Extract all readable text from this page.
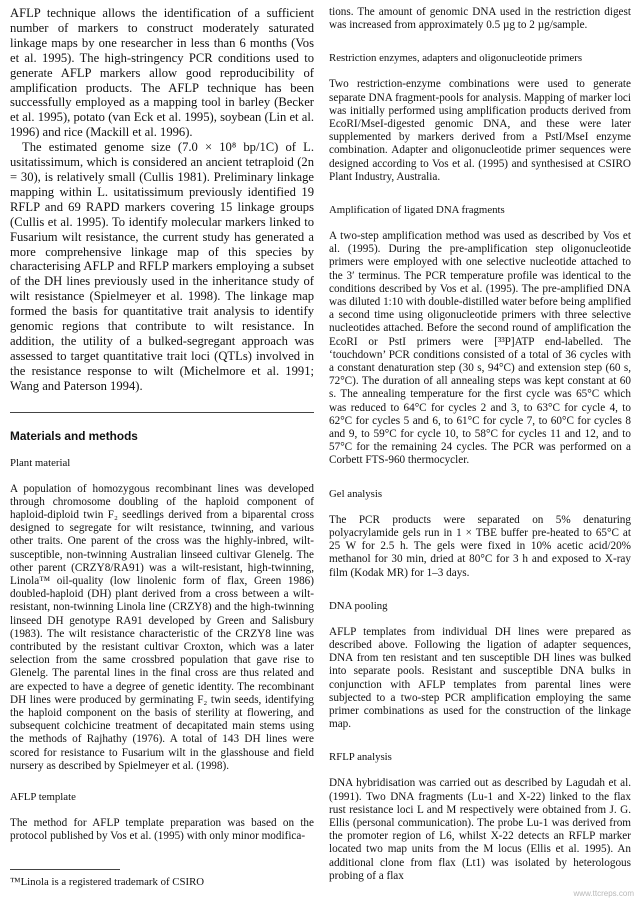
AFLP technique allows the identification of a sufficient number of markers to construct moderately saturated linkage maps by one researcher in less than 6 months (Vos et al. 1995). The high-stringency PCR conditions used to generate AFLP markers allow good reproducibility of amplification products. The AFLP technique has been successfully employed as a mapping tool in barley (Becker et al. 1995), potato (van Eck et al. 1995), soybean (Lin et al. 1996) and rice (Mackill et al. 1996).

The estimated genome size (7.0 × 10⁸ bp/1C) of L. usitatissimum, which is considered an ancient tetraploid (2n = 30), is relatively small (Cullis 1981). Preliminary linkage mapping within L. usitatissimum previously identified 19 RFLP and 69 RAPD markers covering 15 linkage groups (Cullis et al. 1995). To identify molecular markers linked to Fusarium wilt resistance, the current study has generated a more comprehensive linkage map of this species by characterising AFLP and RFLP markers employing a subset of the DH lines previously used in the inheritance study of wilt resistance (Spielmeyer et al. 1998). The linkage map formed the basis for quantitative trait analysis to identify genomic regions that contribute to wilt resistance. In addition, the utility of a bulked-segregant approach was assessed to target quantitative trait loci (QTLs) involved in the resistance response to wilt (Michelmore et al. 1991; Wang and Paterson 1994).

Materials and methods
Plant material

A population of homozygous recombinant lines was developed through chromosome doubling of the haploid component of haploid-diploid twin F₂ seedlings derived from a biparental cross designed to segregate for wilt resistance, twinning, and various other traits. One parent of the cross was the highly-inbred, wilt-susceptible, non-twinning Australian linseed cultivar Glenelg. The other parent (CRZY8/RA91) was a wilt-resistant, high-twinning, Linola™ oil-quality (low linolenic form of flax, Green 1986) doubled-haploid (DH) plant derived from a cross between a wilt-resistant, non-twinning Linola line (CRZY8) and the high-twinning linseed DH genotype RA91 developed by Green and Salisbury (1983). The wilt resistance characteristic of the CRZY8 line was contributed by the resistant cultivar Croxton, which was a later selection from the same crossbred population that gave rise to Glenelg. The parental lines in the final cross are thus related and are expected to have a degree of genetic identity. The recombinant DH lines were produced by germinating F₂ twin seeds, identifying the haploid component on the basis of sterility at flowering, and subsequent colchicine treatment of decapitated main stems using the methods of Rajhathy (1976). A total of 143 DH lines were scored for resistance to Fusarium wilt in the glasshouse and field nursery as described by Spielmeyer et al. (1998).

AFLP template

The method for AFLP template preparation was based on the protocol published by Vos et al. (1995) with only minor modifica-

™Linola is a registered trademark of CSIRO

tions. The amount of genomic DNA used in the restriction digest was increased from approximately 0.5 µg to 2 µg/sample.

Restriction enzymes, adapters and oligonucleotide primers

Two restriction-enzyme combinations were used to generate separate DNA fragment-pools for analysis. Mapping of marker loci was initially performed using amplification products derived from EcoRI/MseI-digested genomic DNA, and these were later supplemented by markers derived from a PstI/MseI enzyme combination. Adapter and oligonucleotide primer sequences were designed according to Vos et al. (1995) and synthesised at CSIRO Plant Industry, Australia.

Amplification of ligated DNA fragments

A two-step amplification method was used as described by Vos et al. (1995). During the pre-amplification step oligonucleotide primers were employed with one selective nucleotide attached to the 3′ terminus. The PCR temperature profile was identical to the conditions described by Vos et al. (1995). The pre-amplified DNA was diluted 1:10 with double-distilled water before being amplified a second time using oligonucleotide primers with three selective nucleotides attached. Before the second round of amplification the EcoRI or PstI primers were [³³P]ATP end-labelled. The ‘touchdown’ PCR conditions consisted of a total of 36 cycles with a constant denaturation step (30 s, 94°C) and extension step (60 s, 72°C). The duration of all annealing steps was kept constant at 60 s. The annealing temperature for the first cycle was 65°C which was reduced to 64°C for cycles 2 and 3, to 63°C for cycle 4, to 62°C for cycles 5 and 6, to 61°C for cycle 7, to 60°C for cycles 8 and 9, to 59°C for cycle 10, to 58°C for cycles 11 and 12, and to 57°C for the remaining 24 cycles. The PCR was performed on a Corbett FTS-960 thermocycler.

Gel analysis

The PCR products were separated on 5% denaturing polyacrylamide gels run in 1 × TBE buffer pre-heated to 65°C at 25 W for 2.5 h. The gels were fixed in 10% acetic acid/20% methanol for 30 min, dried at 80°C for 3 h and exposed to X-ray film (Kodak MR) for 1–3 days.

DNA pooling

AFLP templates from individual DH lines were prepared as described above. Following the ligation of adapter sequences, DNA from ten resistant and ten susceptible DH lines was bulked into separate pools. Resistant and susceptible DNA bulks in conjunction with AFLP templates from parental lines were subjected to a two-step PCR amplification employing the same primer combinations as used for the construction of the linkage map.

RFLP analysis

DNA hybridisation was carried out as described by Lagudah et al. (1991). Two DNA fragments (Lu-1 and X-22) linked to the flax rust resistance loci L and M respectively were obtained from J. G. Ellis (personal communication). The probe Lu-1 was derived from the promoter region of L6, whilst X-22 detects an RFLP marker located two map units from the M locus (Ellis et al. 1995). An additional clone from flax (Lt1) was isolated by heterologous probing of a flax

www.ttcreps.com
